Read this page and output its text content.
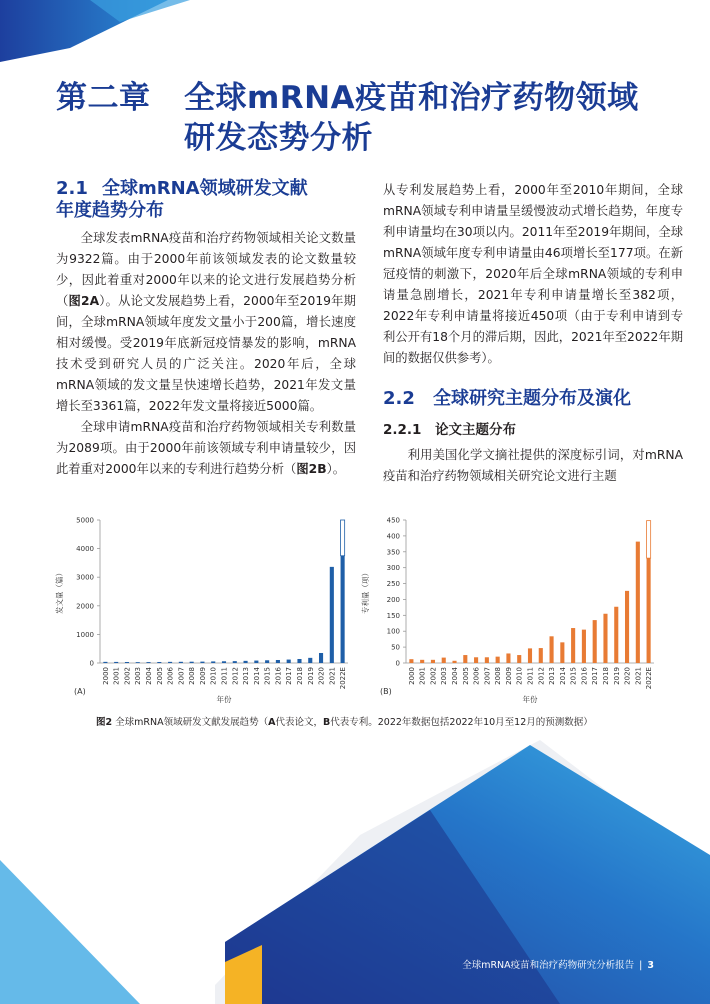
第二章 全球mRNA疫苗和治疗药物领域
研发态势分析
2.1 全球mRNA领域研发文献
年度趋势分布

全球发表mRNA疫苗和治疗药物领域相关论文数量为9322篇。由于2000年前该领域发表的论文数量较少，因此着重对2000年以来的论文进行发展趋势分析（图2A）。从论文发展趋势上看，2000年至2019年期间，全球mRNA领域年度发文量小于200篇，增长速度相对缓慢。受2019年底新冠疫情暴发的影响，mRNA技术受到研究人员的广泛关注。2020年后，全球mRNA领域的发文量呈快速增长趋势，2021年发文量增长至3361篇，2022年发文量将接近5000篇。

全球申请mRNA疫苗和治疗药物领域相关专利数量为2089项。由于2000年前该领域专利申请量较少，因此着重对2000年以来的专利进行趋势分析（图2B）。

从专利发展趋势上看，2000年至2010年期间，全球mRNA领域专利申请量呈缓慢波动式增长趋势，年度专利申请量均在30项以内。2011年至2019年期间，全球mRNA领域年度专利申请量由46项增长至177项。在新冠疫情的刺激下，2020年后全球mRNA领域的专利申请量急剧增长，2021年专利申请量增长至382项，2022年专利申请量将接近450项（由于专利申请到专利公开有18个月的滞后期，因此，2021年至2022年期间的数据仅供参考）。

2.2 全球研究主题分布及演化
2.2.1 论文主题分布

利用美国化学文摘社提供的深度标引词，对mRNA疫苗和治疗药物领域相关研究论文进行主题

0
1000
2000
3000
4000
5000
2000 2001 2002 2003 2004 2005 2006 2007 2008 2009 2010 2011 2012 2013 2014 2015 2016 2017 2018 2019 2020 2021 2022E
发文量（篇）
年份
(A)
0
50
100
150
200
250
300
350
400
450
2000 2001 2002 2003 2004 2005 2006 2007 2008 2009 2010 2011 2012 2013 2014 2015 2016 2017 2018 2019 2020 2021 2022E
专利量（项）
年份
(B)
图2 全球mRNA领域研发文献发展趋势（A代表论文，B代表专利。2022年数据包括2022年10月至12月的预测数据）
全球mRNA疫苗和治疗药物研究分析报告 | 3
